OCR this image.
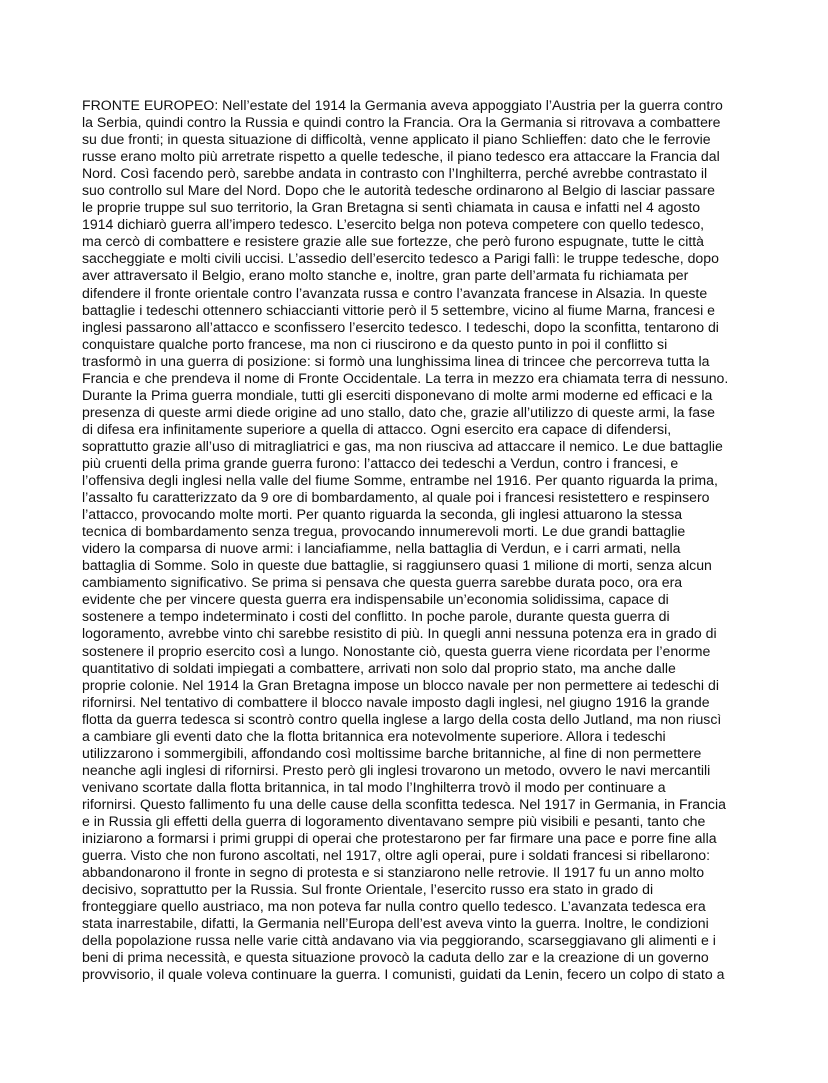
FRONTE EUROPEO: Nell’estate del 1914 la Germania aveva appoggiato l’Austria per la guerra contro
la Serbia, quindi contro la Russia e quindi contro la Francia. Ora la Germania si ritrovava a combattere
su due fronti; in questa situazione di difficoltà, venne applicato il piano Schlieffen: dato che le ferrovie
russe erano molto più arretrate rispetto a quelle tedesche, il piano tedesco era attaccare la Francia dal
Nord. Così facendo però, sarebbe andata in contrasto con l’Inghilterra, perché avrebbe contrastato il
suo controllo sul Mare del Nord. Dopo che le autorità tedesche ordinarono al Belgio di lasciar passare
le proprie truppe sul suo territorio, la Gran Bretagna si sentì chiamata in causa e infatti nel 4 agosto
1914 dichiarò guerra all’impero tedesco. L’esercito belga non poteva competere con quello tedesco,
ma cercò di combattere e resistere grazie alle sue fortezze, che però furono espugnate, tutte le città
saccheggiate e molti civili uccisi. L’assedio dell’esercito tedesco a Parigi fallì: le truppe tedesche, dopo
aver attraversato il Belgio, erano molto stanche e, inoltre, gran parte dell’armata fu richiamata per
difendere il fronte orientale contro l’avanzata russa e contro l’avanzata francese in Alsazia. In queste
battaglie i tedeschi ottennero schiaccianti vittorie però il 5 settembre, vicino al fiume Marna, francesi e
inglesi passarono all’attacco e sconfissero l’esercito tedesco. I tedeschi, dopo la sconfitta, tentarono di
conquistare qualche porto francese, ma non ci riuscirono e da questo punto in poi il conflitto si
trasformò in una guerra di posizione: si formò una lunghissima linea di trincee che percorreva tutta la
Francia e che prendeva il nome di Fronte Occidentale. La terra in mezzo era chiamata terra di nessuno.
Durante la Prima guerra mondiale, tutti gli eserciti disponevano di molte armi moderne ed efficaci e la
presenza di queste armi diede origine ad uno stallo, dato che, grazie all’utilizzo di queste armi, la fase
di difesa era infinitamente superiore a quella di attacco. Ogni esercito era capace di difendersi,
soprattutto grazie all’uso di mitragliatrici e gas, ma non riusciva ad attaccare il nemico. Le due battaglie
più cruenti della prima grande guerra furono: l’attacco dei tedeschi a Verdun, contro i francesi, e
l’offensiva degli inglesi nella valle del fiume Somme, entrambe nel 1916. Per quanto riguarda la prima,
l’assalto fu caratterizzato da 9 ore di bombardamento, al quale poi i francesi resistettero e respinsero
l’attacco, provocando molte morti. Per quanto riguarda la seconda, gli inglesi attuarono la stessa
tecnica di bombardamento senza tregua, provocando innumerevoli morti. Le due grandi battaglie
videro la comparsa di nuove armi: i lanciafiamme, nella battaglia di Verdun, e i carri armati, nella
battaglia di Somme. Solo in queste due battaglie, si raggiunsero quasi 1 milione di morti, senza alcun
cambiamento significativo. Se prima si pensava che questa guerra sarebbe durata poco, ora era
evidente che per vincere questa guerra era indispensabile un’economia solidissima, capace di
sostenere a tempo indeterminato i costi del conflitto. In poche parole, durante questa guerra di
logoramento, avrebbe vinto chi sarebbe resistito di più. In quegli anni nessuna potenza era in grado di
sostenere il proprio esercito così a lungo. Nonostante ciò, questa guerra viene ricordata per l’enorme
quantitativo di soldati impiegati a combattere, arrivati non solo dal proprio stato, ma anche dalle
proprie colonie. Nel 1914 la Gran Bretagna impose un blocco navale per non permettere ai tedeschi di
rifornirsi. Nel tentativo di combattere il blocco navale imposto dagli inglesi, nel giugno 1916 la grande
flotta da guerra tedesca si scontrò contro quella inglese a largo della costa dello Jutland, ma non riuscì
a cambiare gli eventi dato che la flotta britannica era notevolmente superiore. Allora i tedeschi
utilizzarono i sommergibili, affondando così moltissime barche britanniche, al fine di non permettere
neanche agli inglesi di rifornirsi. Presto però gli inglesi trovarono un metodo, ovvero le navi mercantili
venivano scortate dalla flotta britannica, in tal modo l’Inghilterra trovò il modo per continuare a
rifornirsi. Questo fallimento fu una delle cause della sconfitta tedesca. Nel 1917 in Germania, in Francia
e in Russia gli effetti della guerra di logoramento diventavano sempre più visibili e pesanti, tanto che
iniziarono a formarsi i primi gruppi di operai che protestarono per far firmare una pace e porre fine alla
guerra. Visto che non furono ascoltati, nel 1917, oltre agli operai, pure i soldati francesi si ribellarono:
abbandonarono il fronte in segno di protesta e si stanziarono nelle retrovie. Il 1917 fu un anno molto
decisivo, soprattutto per la Russia. Sul fronte Orientale, l’esercito russo era stato in grado di
fronteggiare quello austriaco, ma non poteva far nulla contro quello tedesco. L’avanzata tedesca era
stata inarrestabile, difatti, la Germania nell’Europa dell’est aveva vinto la guerra. Inoltre, le condizioni
della popolazione russa nelle varie città andavano via via peggiorando, scarseggiavano gli alimenti e i
beni di prima necessità, e questa situazione provocò la caduta dello zar e la creazione di un governo
provvisorio, il quale voleva continuare la guerra. I comunisti, guidati da Lenin, fecero un colpo di stato a
